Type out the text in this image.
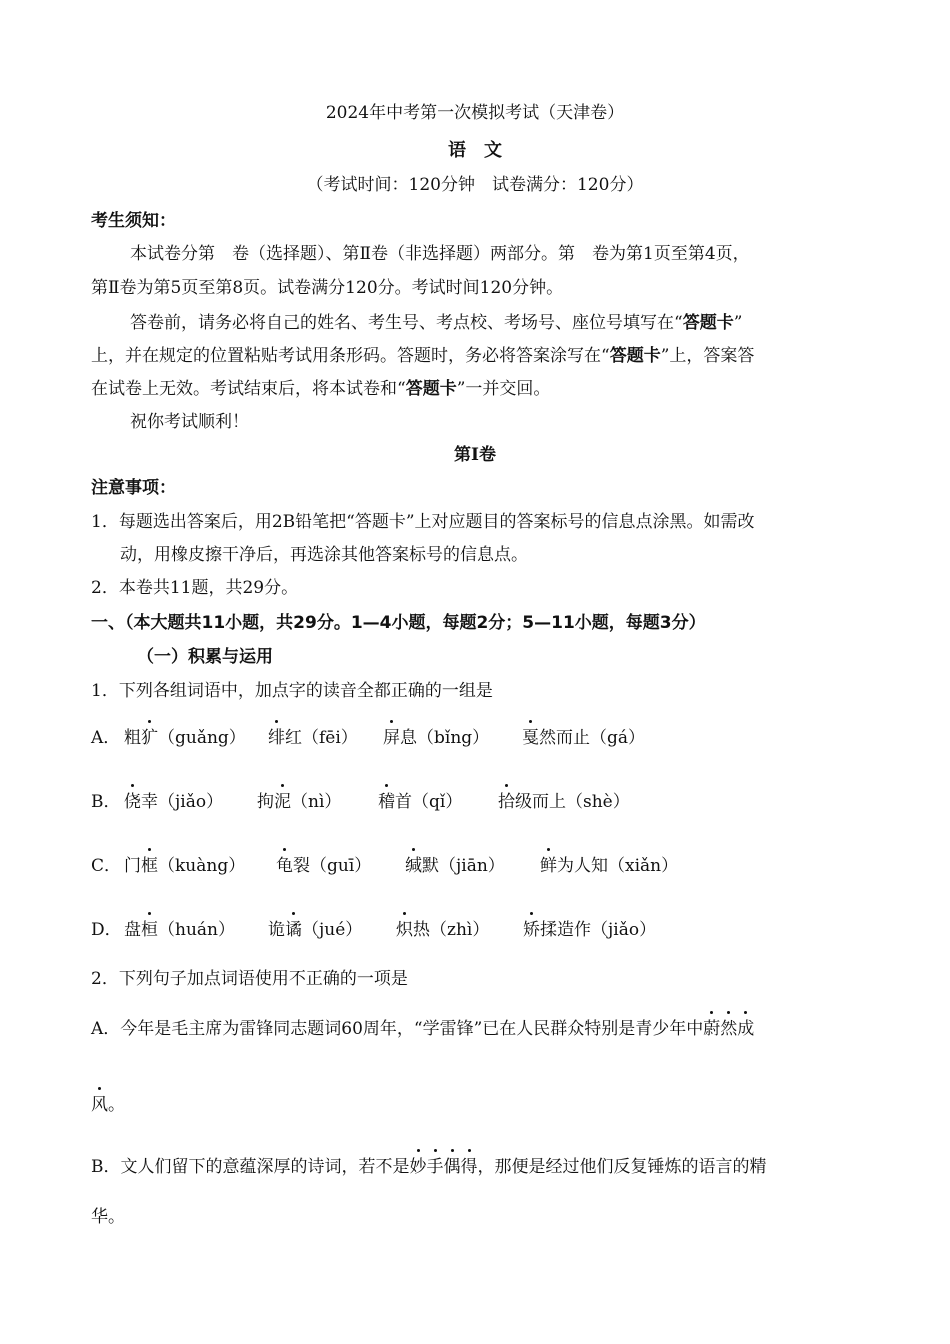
2024年中考第一次模拟考试（天津卷）
语　文
（考试时间：120分钟　试卷满分：120分）
考生须知：
本试卷分第　卷（选择题）、第Ⅱ卷（非选择题）两部分。第　卷为第1页至第4页，
第Ⅱ卷为第5页至第8页。试卷满分120分。考试时间120分钟。
答卷前，请务必将自己的姓名、考生号、考点校、考场号、座位号填写在“答题卡”
上，并在规定的位置粘贴考试用条形码。答题时，务必将答案涂写在“答题卡”上，答案答
在试卷上无效。考试结束后，将本试卷和“答题卡”一并交回。
祝你考试顺利！
第Ⅰ卷
注意事项：
1．每题选出答案后，用2B铅笔把“答题卡”上对应题目的答案标号的信息点涂黑。如需改
动，用橡皮擦干净后，再选涂其他答案标号的信息点。
2．本卷共11题，共29分。
一、（本大题共11小题，共29分。1—4小题，每题2分；5—11小题，每题3分）
（一）积累与运用
1．下列各组词语中，加点字的读音全都正确的一组是
A． 粗犷（guǎng） 绯红（fēi） 屏息（bǐng） 戛然而止（gá）
B． 侥幸（jiǎo） 拘泥（nì） 稽首（qǐ） 拾级而上（shè）
C． 门框（kuàng） 龟裂（guī） 缄默（jiān） 鲜为人知（xiǎn）
D． 盘桓（huán） 诡谲（jué） 炽热（zhì） 矫揉造作（jiǎo）
2．下列句子加点词语使用不正确的一项是
A．今年是毛主席为雷锋同志题词60周年，“学雷锋”已在人民群众特别是青少年中蔚然成
风。
B．文人们留下的意蕴深厚的诗词，若不是妙手偶得，那便是经过他们反复锤炼的语言的精
华。
